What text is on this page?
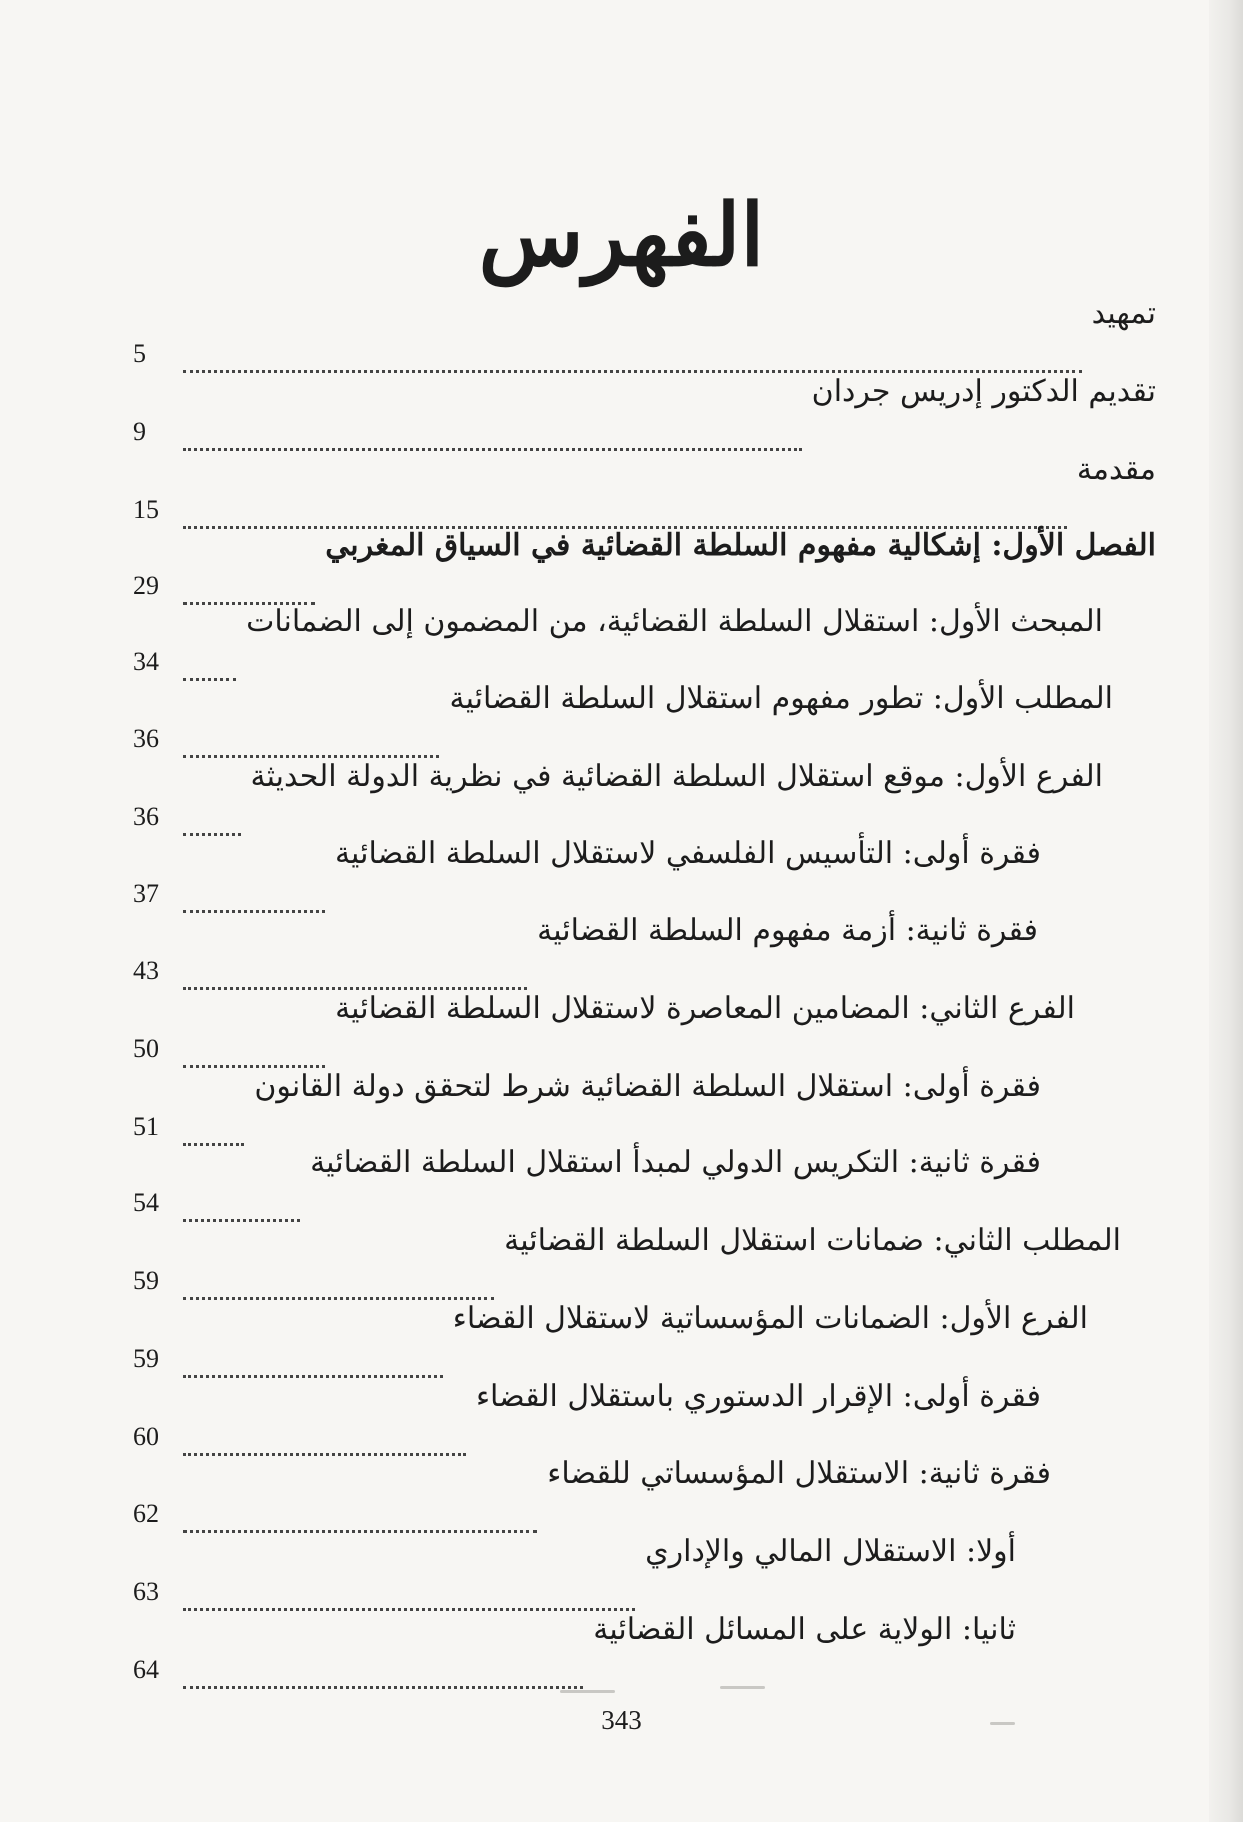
الفهرس
تمهيد
5
تقديم الدكتور إدريس جردان
9
مقدمة
15
الفصل الأول: إشكالية مفهوم السلطة القضائية في السياق المغربي
29
المبحث الأول: استقلال السلطة القضائية، من المضمون إلى الضمانات
34
المطلب الأول: تطور مفهوم استقلال السلطة القضائية
36
الفرع الأول: موقع استقلال السلطة القضائية في نظرية الدولة الحديثة
36
فقرة أولى: التأسيس الفلسفي لاستقلال السلطة القضائية
37
فقرة ثانية: أزمة مفهوم السلطة القضائية
43
الفرع الثاني: المضامين المعاصرة لاستقلال السلطة القضائية
50
فقرة أولى: استقلال السلطة القضائية شرط لتحقق دولة القانون
51
فقرة ثانية: التكريس الدولي لمبدأ استقلال السلطة القضائية
54
المطلب الثاني: ضمانات استقلال السلطة القضائية
59
الفرع الأول: الضمانات المؤسساتية لاستقلال القضاء
59
فقرة أولى: الإقرار الدستوري باستقلال القضاء
60
فقرة ثانية: الاستقلال المؤسساتي للقضاء
62
أولا: الاستقلال المالي والإداري
63
ثانيا: الولاية على المسائل القضائية
64
343
